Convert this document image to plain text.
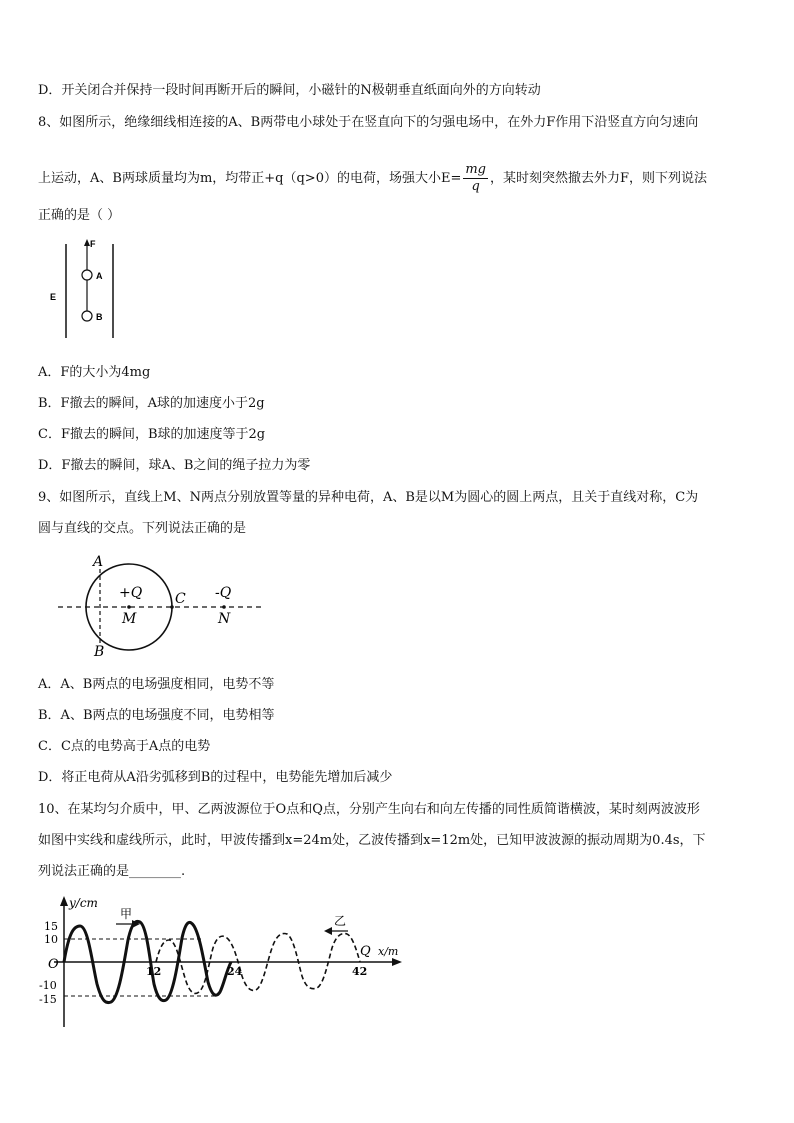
D．开关闭合并保持一段时间再断开后的瞬间，小磁针的N极朝垂直纸面向外的方向转动
8、如图所示，绝缘细线相连接的A、B两带电小球处于在竖直向下的匀强电场中，在外力F作用下沿竖直方向匀速向
上运动，A、B两球质量均为m，均带正+q（q>0）的电荷，场强大小$E= \frac{mg}{q}$ ，某时刻突然撤去外力F，则下列说法
正确的是（ ）
F
A
B
E
A．F的大小为4mg
B．F撤去的瞬间，A球的加速度小于2g
C．F撤去的瞬间，B球的加速度等于2g
D．F撤去的瞬间，球A、B之间的绳子拉力为零
9、如图所示，直线上M、N两点分别放置等量的异种电荷，A、B是以M为圆心的圆上两点，且关于直线对称，C为
圆与直线的交点。下列说法正确的是
A
B
C
+Q
M
-Q
N
A．A、B两点的电场强度相同，电势不等
B．A、B两点的电场强度不同，电势相等
C．C点的电势高于A点的电势
D．将正电荷从A沿劣弧移到B的过程中，电势能先增加后减少
10、在某均匀介质中，甲、乙两波源位于O点和Q点，分别产生向右和向左传播的同性质简谐横波，某时刻两波波形
如图中实线和虚线所示，此时，甲波传播到x=24m处，乙波传播到x=12m处，已知甲波波源的振动周期为0.4s，下
列说法正确的是________.
y/cm
x/m
甲	乙
O
Q
15
10
-10
-15
12	24	42
